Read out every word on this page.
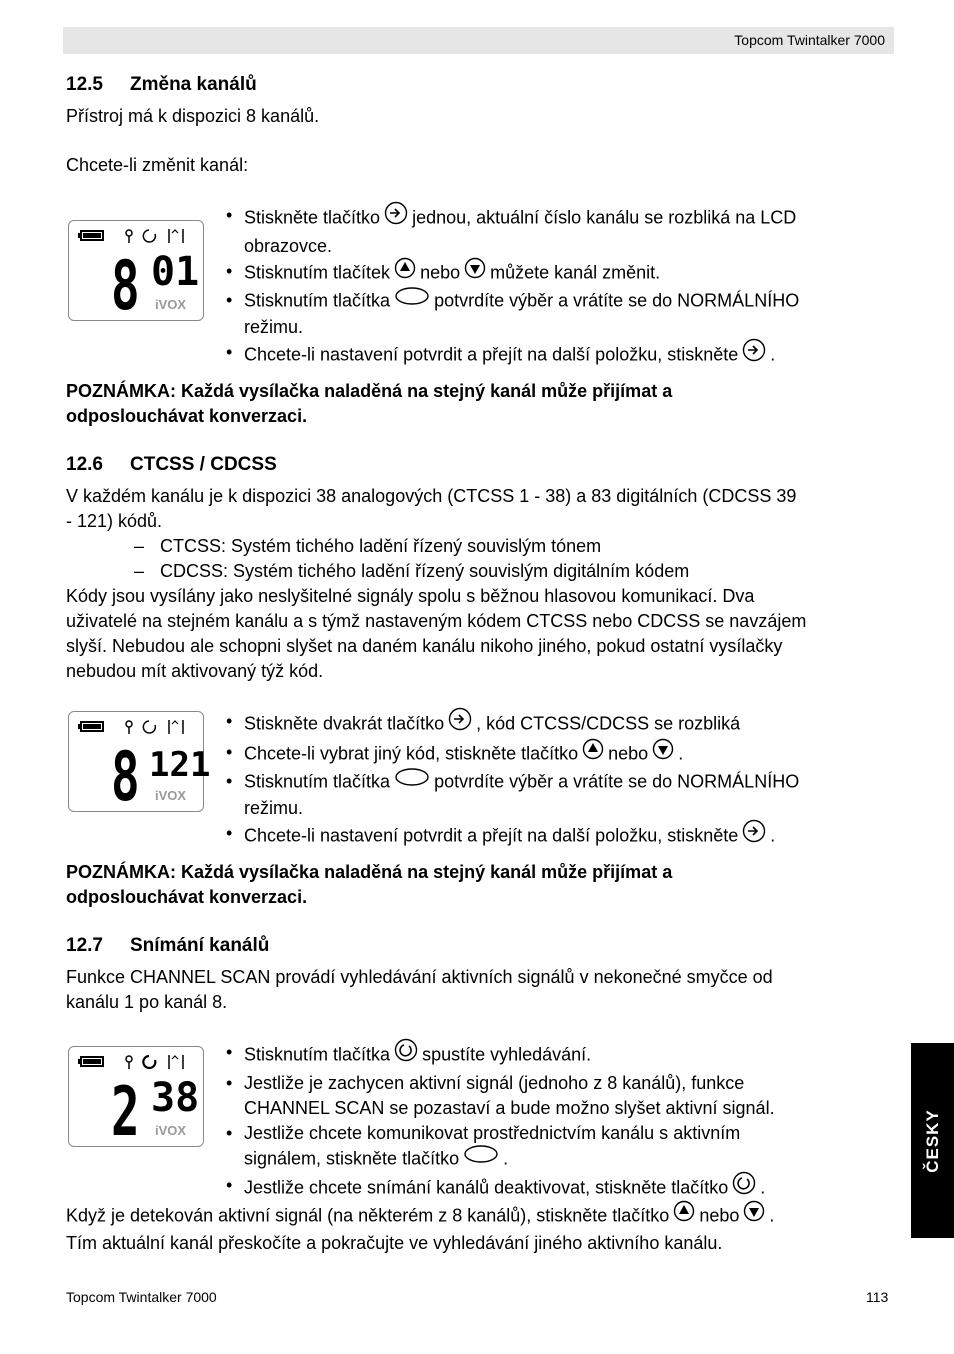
Topcom Twintalker 7000
12.5 Změna kanálů
Přístroj má k dispozici 8 kanálů.
Chcete-li změnit kanál:
8 01
iVOX
• Stiskněte tlačítko jednou, aktuální číslo kanálu se rozbliká na LCD
obrazovce.
• Stisknutím tlačítek nebo můžete kanál změnit.
• Stisknutím tlačítka potvrdíte výběr a vrátíte se do NORMÁLNÍHO
režimu.
• Chcete-li nastavení potvrdit a přejít na další položku, stiskněte .
POZNÁMKA: Každá vysílačka naladěná na stejný kanál může přijímat a
odposlouchávat konverzaci.
12.6 CTCSS / CDCSS
V každém kanálu je k dispozici 38 analogových (CTCSS 1 - 38) a 83 digitálních (CDCSS 39
- 121) kódů.
– CTCSS: Systém tichého ladění řízený souvislým tónem
– CDCSS: Systém tichého ladění řízený souvislým digitálním kódem
Kódy jsou vysílány jako neslyšitelné signály spolu s běžnou hlasovou komunikací. Dva
uživatelé na stejném kanálu a s týmž nastaveným kódem CTCSS nebo CDCSS se navzájem
slyší. Nebudou ale schopni slyšet na daném kanálu nikoho jiného, pokud ostatní vysílačky
nebudou mít aktivovaný týž kód.
8 121
iVOX
• Stiskněte dvakrát tlačítko , kód CTCSS/CDCSS se rozbliká
• Chcete-li vybrat jiný kód, stiskněte tlačítko nebo .
• Stisknutím tlačítka potvrdíte výběr a vrátíte se do NORMÁLNÍHO
režimu.
• Chcete-li nastavení potvrdit a přejít na další položku, stiskněte .
POZNÁMKA: Každá vysílačka naladěná na stejný kanál může přijímat a
odposlouchávat konverzaci.
12.7 Snímání kanálů
Funkce CHANNEL SCAN provádí vyhledávání aktivních signálů v nekonečné smyčce od
kanálu 1 po kanál 8.
2 38
iVOX
• Stisknutím tlačítka spustíte vyhledávání.
• Jestliže je zachycen aktivní signál (jednoho z 8 kanálů), funkce
CHANNEL SCAN se pozastaví a bude možno slyšet aktivní signál.
• Jestliže chcete komunikovat prostřednictvím kanálu s aktivním
signálem, stiskněte tlačítko .
• Jestliže chcete snímání kanálů deaktivovat, stiskněte tlačítko .
Když je detekován aktivní signál (na některém z 8 kanálů), stiskněte tlačítko nebo .
Tím aktuální kanál přeskočíte a pokračujte ve vyhledávání jiného aktivního kanálu.
ČESKY
Topcom Twintalker 7000	113
